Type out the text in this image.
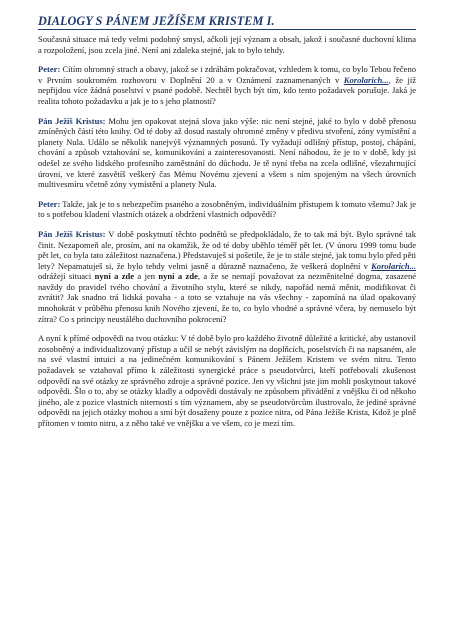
DIALOGY S PÁNEM JEŽÍŠEM KRISTEM I.

Současná situace má tedy velmi podobný smysl, ačkoli její význam a obsah, jakož i současné duchovní klima a rozpoložení, jsou zcela jiné. Není ani zdaleka stejné, jak to bylo tehdy.

Peter: Cítím ohromný strach a obavy, jakož se i zdráhám pokračovat, vzhledem k tomu, co bylo Tebou řečeno v Prvním soukromém rozhovoru v Doplnění 20 a v Oznámení zaznamenaných v Korolarich..., že již nepřijdou více žádná poselství v psané podobě. Nechtěl bych být tím, kdo tento požadavek porušuje. Jaká je realita tohoto požadavku a jak je to s jeho platností?

Pán Ježíš Kristus: Mohu jen opakovat stejná slova jako výše: nic není stejné, jaké to bylo v době přenosu zmíněných částí této knihy. Od té doby až dosud nastaly ohromné změny v předivu stvoření, zóny vymístění a planety Nula. Událo se několik nanejvýš významných posunů. Ty vyžadují odlišný přístup, postoj, chápání, chování a způsob vztahování se, komunikování a zainteresovanosti. Není náhodou, že je to v době, kdy jsi odešel ze svého lidského profesního zaměstnání do důchodu. Je tě nyní třeba na zcela odlišné, všezahrnující úrovni, ve které zasvětíš veškerý čas Mému Novému zjevení a všem s ním spojeným na všech úrovních multivesmíru včetně zóny vymístění a planety Nula.

Peter: Takže, jak je to s nebezpečím psaného a zosobněným, individuálním přístupem k tomuto všemu? Jak je to s potřebou kladení vlastních otázek a obdržení vlastních odpovědí?

Pán Ježíš Kristus: V době poskytnutí těchto podnětů se předpokládalo, že to tak má být. Bylo správné tak činit. Nezapomeň ale, prosím, ani na okamžik, že od té doby uběhlo téměř pět let. (V únoru 1999 tomu bude pět let, co byla tato záležitost naznačena.) Představuješ si pošetile, že je to stále stejné, jak tomu bylo před pěti lety? Nepamatuješ si, že bylo tehdy velmi jasně a důrazně naznačeno, že veškerá doplnění v Korolarich... odrážejí situaci nyní a zde a jen nyní a zde, a že se nemají považovat za nezměnitelné dogma, zasazené navždy do pravidel tvého chování a životního stylu, které se nikdy, napořád nemá měnit, modifikovat či zvrátit? Jak snadno trá lidská povaha - a toto se vztahuje na vás všechny - zapomíná na úlad opakovaný mnohokrát v průběhu přenosu knih Nového zjevení, že to, co bylo vhodné a správné včera, by nemuselo být zítra? Co s principy neustálého duchovního pokrocení?

A nyní k přímé odpovědi na tvou otázku: V té době bylo pro každého životně důležité a kritické, aby ustanovil zosobněný a individualizovaný přístup a učil se nebýt závislým na doplňcích, poselstvích či na napsaném, ale na své vlastní intuici a na jedinečném komunikování s Pánem Ježíšem Kristem ve svém nitru. Tento požadavek se vztahoval přímo k záležitosti synergické práce s pseudotvůrci, kteří potřebovali zkušenost odpovědí na své otázky ze správného zdroje a správné pozice. Jen vy všichni jste jim mohli poskytnout takové odpovědi. Šlo o to, aby se otázky kladly a odpovědi dostávaly ne způsobem přivádění z vnějšku či od někoho jiného, ale z pozice vlastních niterností s tím významem, aby se pseudotvůrcům ilustrovalo, že jediné správné odpovědi na jejich otázky mohou a smí být dosaženy pouze z pozice nitra, od Pána Ježíše Krista, Kdož je plně přítomen v tomto nitru, a z něho také ve vnějšku a ve všem, co je mezi tím.
